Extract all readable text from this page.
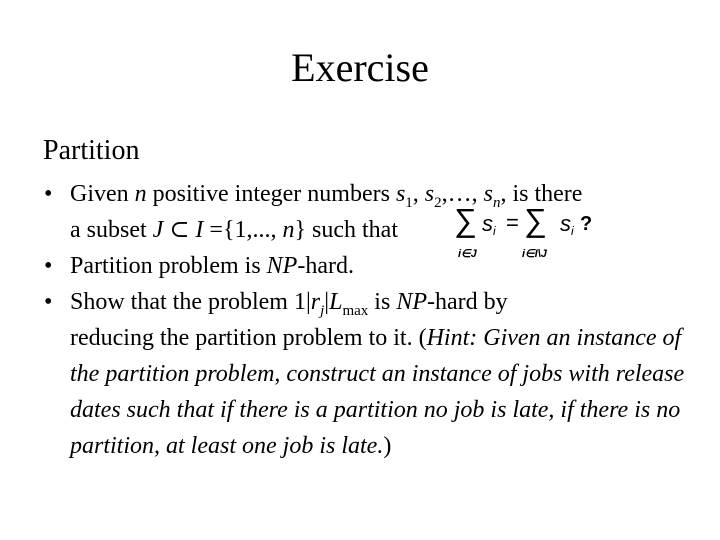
Exercise
Partition
• Given n positive integer numbers $s_1$, $s_2,\dots$, $s_n$, is there
a subset J ⊂ I ={1,..., n} such that
• Partition problem is NP-hard.
• Show that the problem $1|r_j|L_{max}$ is NP-hard by
reducing the partition problem to it. (Hint: Given an instance of the partition problem, construct an instance of jobs with release dates such that if there is a partition no job is late, if there is no partition, at least one job is late.)
∑ s i = ∑ s i ?
i∈J	i∈I\J
